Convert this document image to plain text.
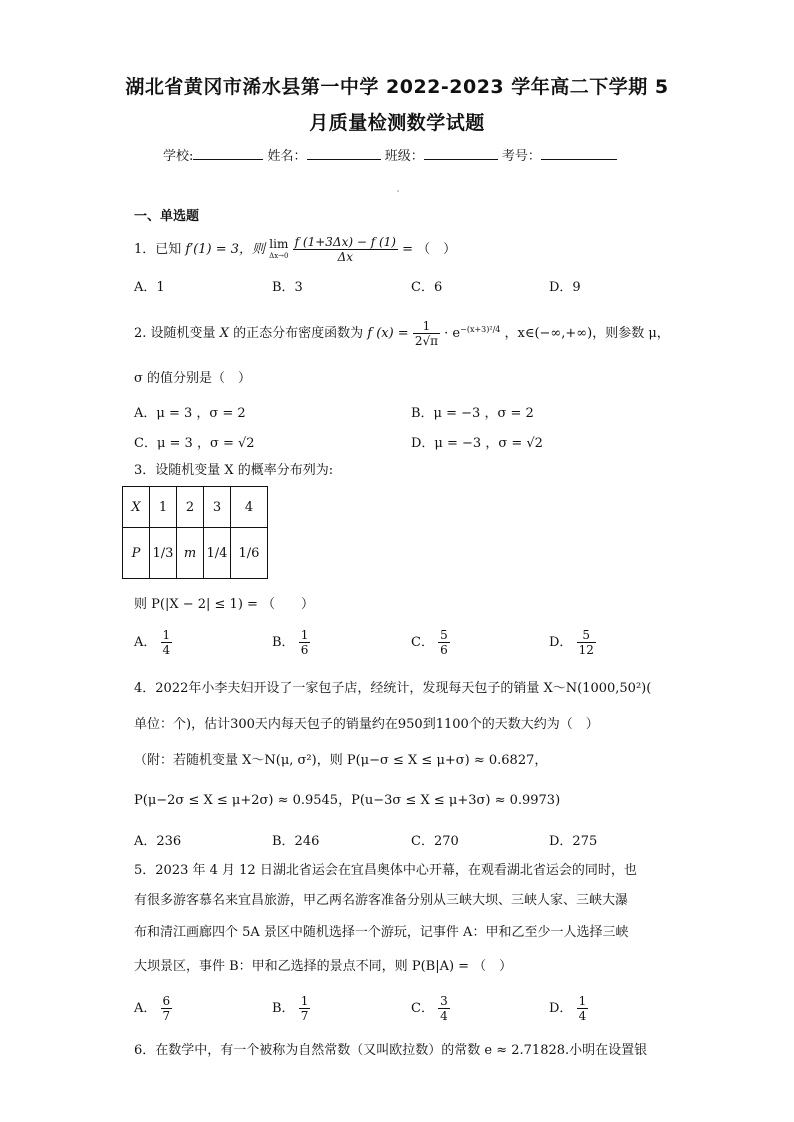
湖北省黄冈市浠水县第一中学 2022-2023 学年高二下学期 5
月质量检测数学试题
学校:	姓名：	班级：	考号：
一、单选题
1．已知 f′(1) = 3，则 lim
Δx→0
$\frac{f (1+3\Delta x) - f (1)}{\Delta x}$ = （　）
A．1	B．3	C．6	D．9
2. 设随机变量 X 的正态分布密度函数为 f $(x) = \frac{1}{2√\pi} \cdot e^{-(x+3)^2/4}$ ，x∈(−∞,+∞)，则参数 μ，
σ 的值分别是（　）
A．μ = 3 ，σ = 2	B．μ = −3 ，σ = 2
C．μ = 3 ，σ = √2	D．μ = −3 ，σ = √2
3．设随机变量 X 的概率分布列为:
X	1	2	3	4
P	1/3	m	1/4	1/6
则 P(|X − 2| ≤ 1) = （　　）
A． $\frac{1}{4}$	B． $\frac{1}{6}$	C． $\frac{5}{6}$	D． $\frac{5}{12}$
4．2022年小李夫妇开设了一家包子店，经统计，发现每天包子的销量 X～N(1000,50²)(
单位：个)，估计300天内每天包子的销量约在950到1100个的天数大约为（　）
（附：若随机变量 X～N(μ, σ²)，则 P(μ−σ ≤ X ≤ μ+σ) ≈ 0.6827，
P(μ−2σ ≤ X ≤ μ+2σ) ≈ 0.9545，P(u−3σ ≤ X ≤ μ+3σ) ≈ 0.9973)
A．236	B．246	C．270	D．275
5．2023 年 4 月 12 日湖北省运会在宜昌奥体中心开幕，在观看湖北省运会的同时，也
有很多游客慕名来宜昌旅游，甲乙两名游客准备分别从三峡大坝、三峡人家、三峡大瀑
布和清江画廊四个 5A 景区中随机选择一个游玩，记事件 A：甲和乙至少一人选择三峡
大坝景区，事件 B：甲和乙选择的景点不同，则 P(B|A) = （　）
A． $\frac{6}{7}$	B． $\frac{1}{7}$	C． $\frac{3}{4}$	D． $\frac{1}{4}$
6．在数学中，有一个被称为自然常数（又叫欧拉数）的常数 e ≈ 2.71828.小明在设置银
